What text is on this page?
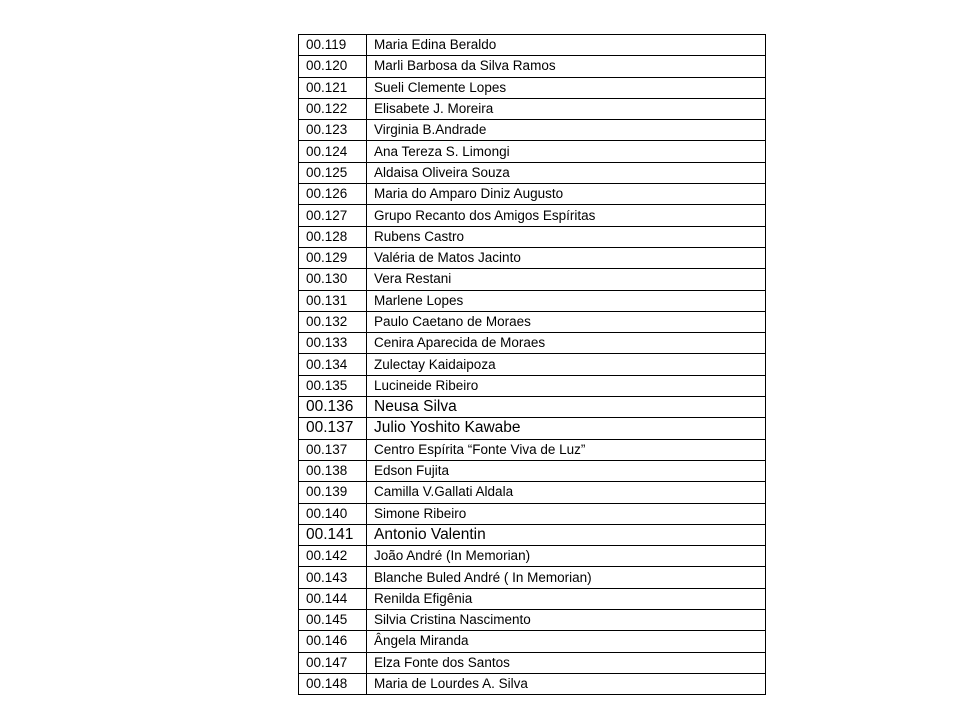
00.119	Maria Edina Beraldo
00.120	Marli Barbosa da Silva Ramos
00.121	Sueli Clemente Lopes
00.122	Elisabete J. Moreira
00.123	Virginia B.Andrade
00.124	Ana Tereza S. Limongi
00.125	Aldaisa Oliveira Souza
00.126	Maria do Amparo Diniz Augusto
00.127	Grupo Recanto dos Amigos Espíritas
00.128	Rubens Castro
00.129	Valéria de Matos Jacinto
00.130	Vera Restani
00.131	Marlene Lopes
00.132	Paulo Caetano de Moraes
00.133	Cenira Aparecida de Moraes
00.134	Zulectay Kaidaipoza
00.135	Lucineide Ribeiro
00.136	Neusa Silva
00.137	Julio Yoshito Kawabe
00.137	Centro Espírita “Fonte Viva de Luz”
00.138	Edson Fujita
00.139	Camilla V.Gallati Aldala
00.140	Simone Ribeiro
00.141	Antonio Valentin
00.142	João André (In Memorian)
00.143	Blanche Buled André ( In Memorian)
00.144	Renilda Efigênia
00.145	Silvia Cristina Nascimento
00.146	Ângela Miranda
00.147	Elza Fonte dos Santos
00.148	Maria de Lourdes A. Silva
